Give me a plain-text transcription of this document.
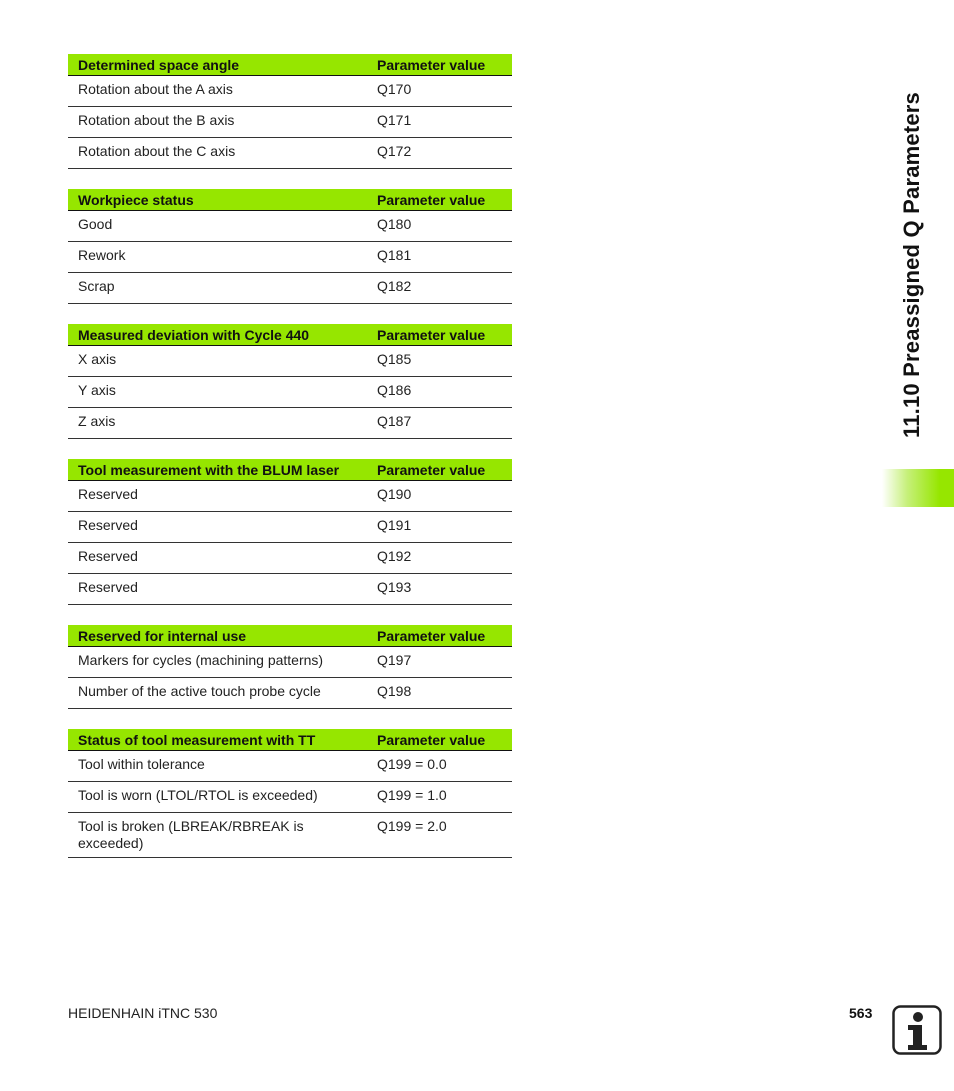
Determined space angle	Parameter value
Rotation about the A axis	Q170
Rotation about the B axis	Q171
Rotation about the C axis	Q172
Workpiece status	Parameter value
Good	Q180
Rework	Q181
Scrap	Q182
Measured deviation with Cycle 440	Parameter value
X axis	Q185
Y axis	Q186
Z axis	Q187
Tool measurement with the BLUM laser	Parameter value
Reserved	Q190
Reserved	Q191
Reserved	Q192
Reserved	Q193
Reserved for internal use	Parameter value
Markers for cycles (machining patterns)	Q197
Number of the active touch probe cycle	Q198
Status of tool measurement with TT	Parameter value
Tool within tolerance	Q199 = 0.0
Tool is worn (LTOL/RTOL is exceeded)	Q199 = 1.0
Tool is broken (LBREAK/RBREAK is exceeded)	Q199 = 2.0
11.10 Preassigned Q Parameters
HEIDENHAIN iTNC 530	563
